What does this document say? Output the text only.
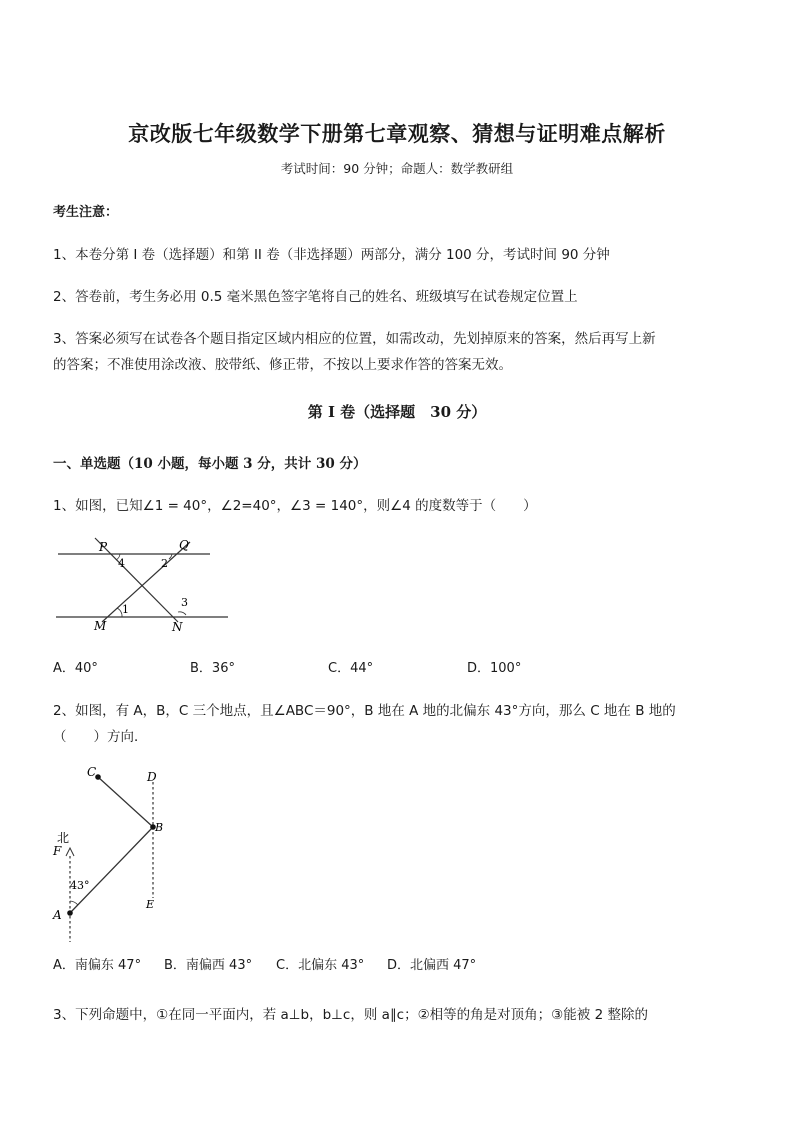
京改版七年级数学下册第七章观察、猜想与证明难点解析
考试时间：90 分钟；命题人：数学教研组
考生注意：
1、本卷分第 I 卷（选择题）和第 II 卷（非选择题）两部分，满分 100 分，考试时间 90 分钟
2、答卷前，考生务必用 0.5 毫米黑色签字笔将自己的姓名、班级填写在试卷规定位置上
3、答案必须写在试卷各个题目指定区域内相应的位置，如需改动，先划掉原来的答案，然后再写上新
的答案；不准使用涂改液、胶带纸、修正带，不按以上要求作答的答案无效。
第 I 卷（选择题　30 分）
一、单选题（10 小题，每小题 3 分，共计 30 分）
1、如图，已知∠1 = 40°，∠2=40°，∠3 = 140°，则∠4 的度数等于（　　）
P	Q
M	N
1
2
3
4
A．40°	B．36°	C．44°	D．100°
2、如图，有 A，B，C 三个地点，且∠ABC＝90°，B 地在 A 地的北偏东 43°方向，那么 C 地在 B 地的
（　　）方向．
C	D
B
北
F
43°
A
E
A．南偏东 47° B．南偏西 43° C．北偏东 43° D．北偏西 47°
3、下列命题中，①在同一平面内，若 a⊥b，b⊥c，则 a∥c；②相等的角是对顶角；③能被 2 整除的
